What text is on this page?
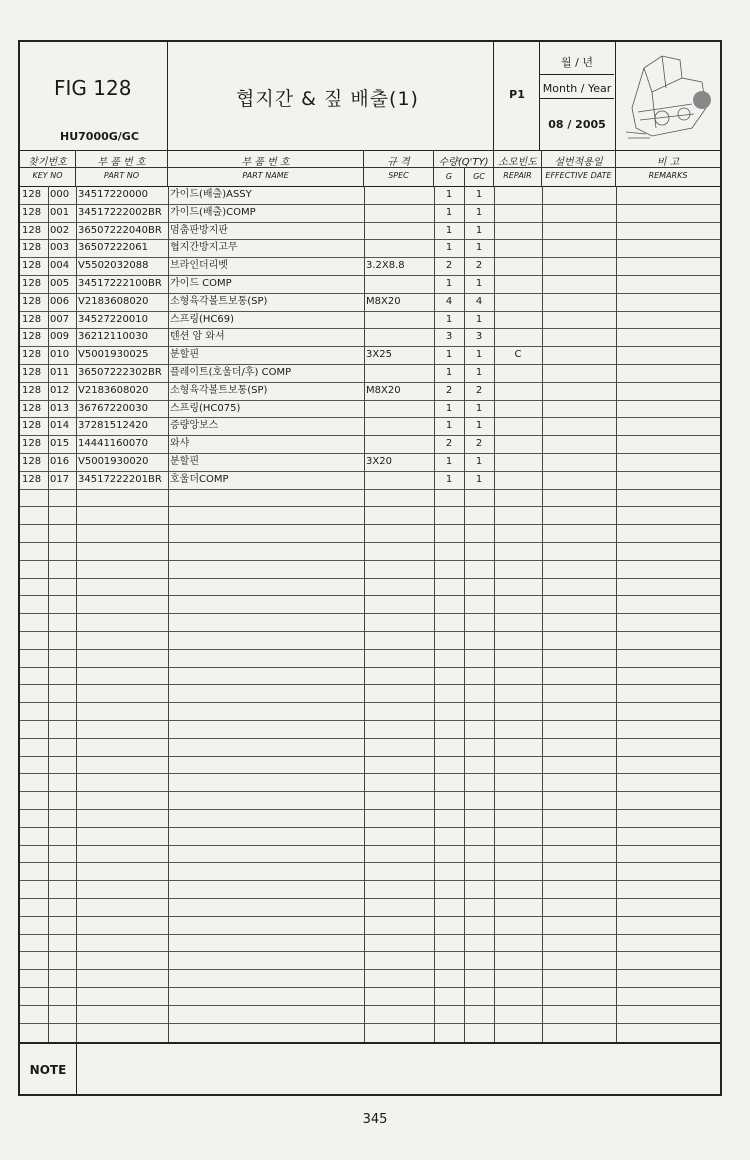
FIG 128
HU7000G/GC
협지간 & 짚 배출(1)	P1
월 / 년
Month / Year
08 / 2005
찾기번호
KEY NO
부 품 번 호
PART NO
부 품 번 호
PART NAME
규 격
SPEC
수량(Q'TY)
G	GC
소모빈도
REPAIR
설번적용일
EFFECTIVE DATE
비 고
REMARKS
128 000 34517220000	가이드(배출)ASSY	1	1
128 001 34517222002BR 가이드(배출)COMP	1	1
128 002 36507222040BR 멈춤판방지판	1	1
128 003 36507222061	협지간방지고무	1	1
128 004 V5502032088	브라인더리벳	3.2X8.8	2	2
128 005 34517222100BR 가이드 COMP	1	1
128 006 V2183608020	소형육각볼트보통(SP)	M8X20	4	4
128 007 34527220010	스프링(HC69)	1	1
128 009 36212110030	텐션 암 와셔	3	3
128 010 V5001930025	분할핀	3X25	1	1	C
128 011 36507222302BR 플레이트(호울더/후) COMP	1	1
128 012 V2183608020	소형육각볼트보통(SP)	M8X20	2	2
128 013 36767220030	스프링(HC075)	1	1
128 014 37281512420	증량앙보스	1	1
128 015 14441160070	와샤	2	2
128 016 V5001930020	분할핀	3X20	1	1
128 017 34517222201BR 호울더COMP	1	1
NOTE
345
